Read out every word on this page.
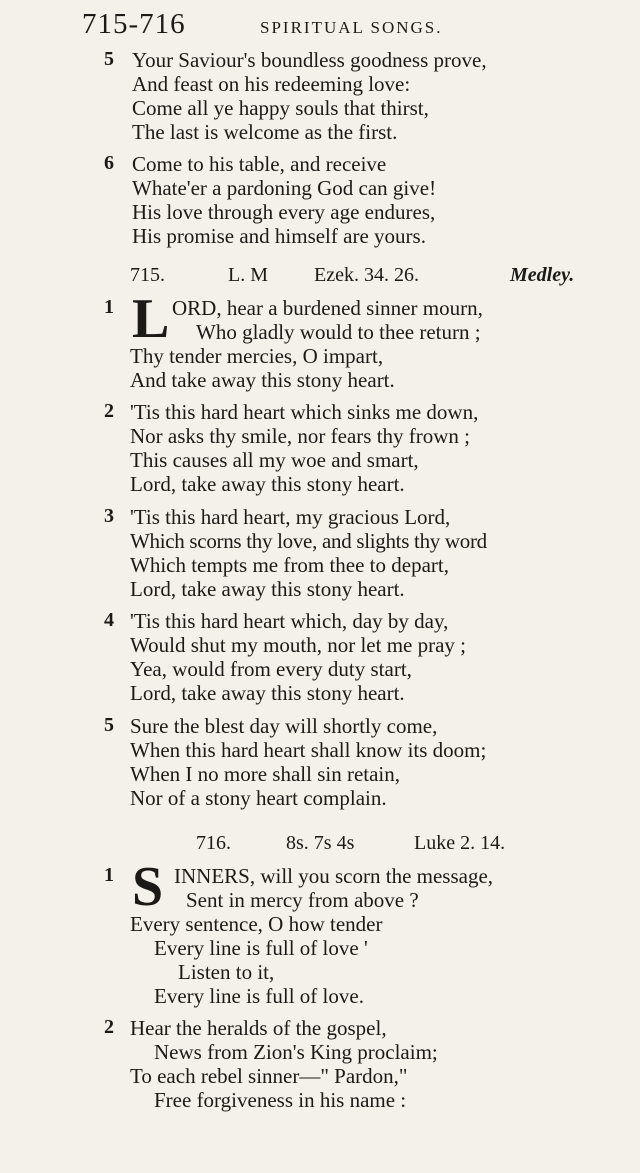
715-716	SPIRITUAL SONGS.
5 Your Saviour's boundless goodness prove,
And feast on his redeeming love:
Come all ye happy souls that thirst,
The last is welcome as the first.
6 Come to his table, and receive
Whate'er a pardoning God can give!
His love through every age endures,
His promise and himself are yours.
715.	L. M Ezek. 34. 26.	Medley.
1 L ORD, hear a burdened sinner mourn,
Who gladly would to thee return ;
Thy tender mercies, O impart,
And take away this stony heart.
2 'Tis this hard heart which sinks me down,
Nor asks thy smile, nor fears thy frown ;
This causes all my woe and smart,
Lord, take away this stony heart.
3 'Tis this hard heart, my gracious Lord,
Which scorns thy love, and slights thy word
Which tempts me from thee to depart,
Lord, take away this stony heart.
4 'Tis this hard heart which, day by day,
Would shut my mouth, nor let me pray ;
Yea, would from every duty start,
Lord, take away this stony heart.
5 Sure the blest day will shortly come,
When this hard heart shall know its doom;
When I no more shall sin retain,
Nor of a stony heart complain.
716.	8s. 7s 4s	Luke 2. 14.
1 S INNERS, will you scorn the message,
Sent in mercy from above ?
Every sentence, O how tender
Every line is full of love '
Listen to it,
Every line is full of love.
2 Hear the heralds of the gospel,
News from Zion's King proclaim;
To each rebel sinner—" Pardon,"
Free forgiveness in his name :
